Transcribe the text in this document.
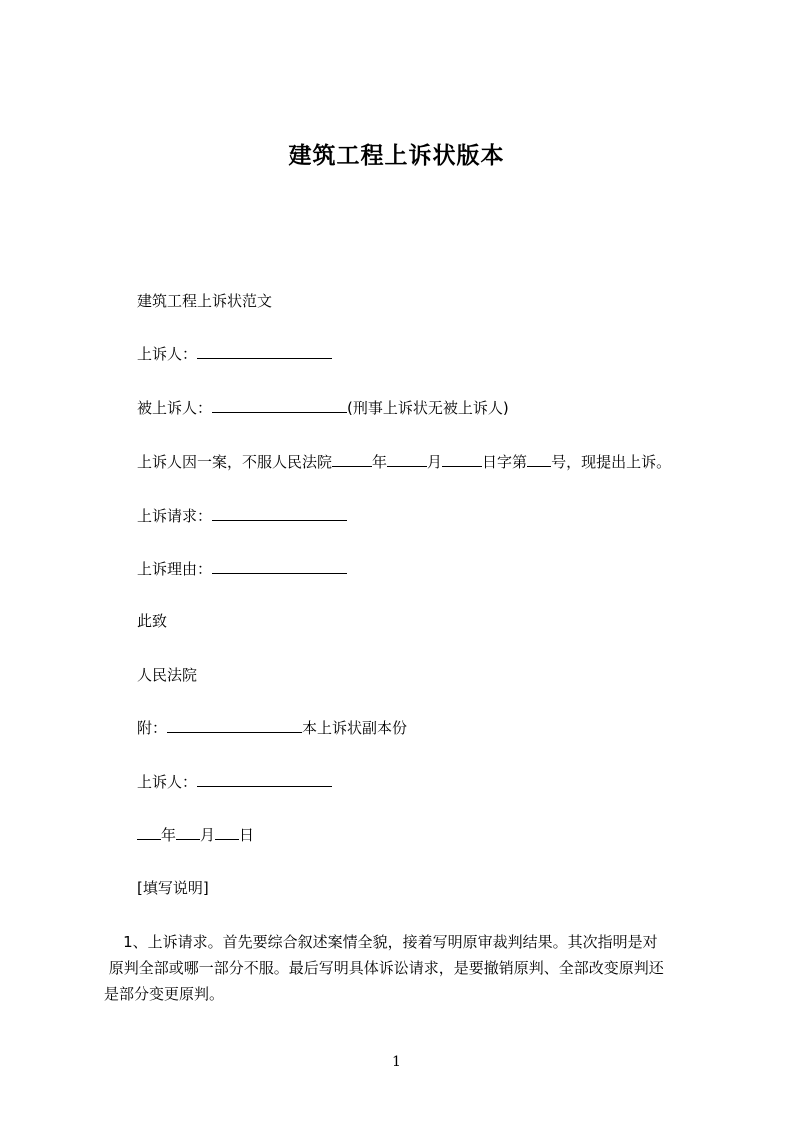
建筑工程上诉状版本
建筑工程上诉状范文
上诉人：
被上诉人：	(刑事上诉状无被上诉人)
上诉人因一案，不服人民法院	年	月	日字第 号，现提出上诉。
上诉请求：
上诉理由：
此致
人民法院
附：	本上诉状副本份
上诉人：
年 月 日
[填写说明]

1、上诉请求。首先要综合叙述案情全貌，接着写明原审裁判结果。其次指明是对

原判全部或哪一部分不服。最后写明具体诉讼请求，是要撤销原判、全部改变原判还

是部分变更原判。

1
